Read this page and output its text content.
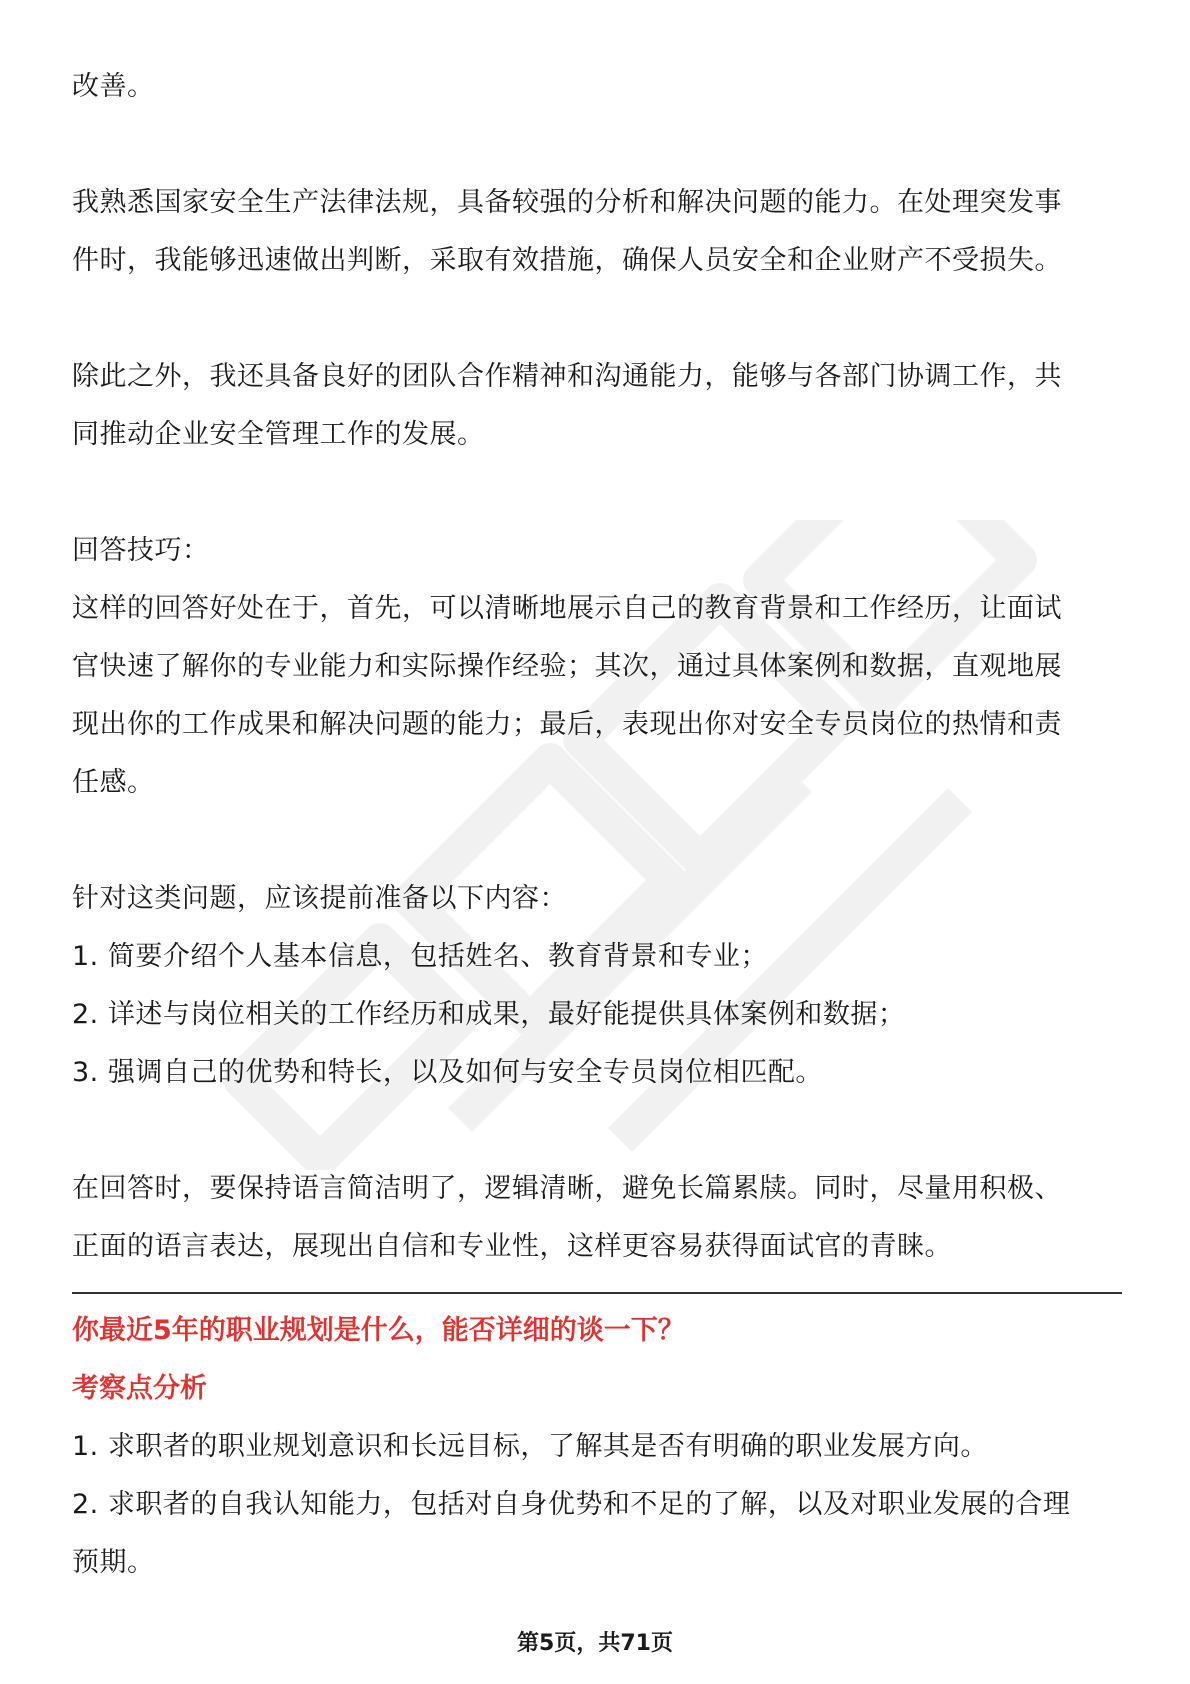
改善。

我熟悉国家安全生产法律法规，具备较强的分析和解决问题的能力。在处理突发事

件时，我能够迅速做出判断，采取有效措施，确保人员安全和企业财产不受损失。

除此之外，我还具备良好的团队合作精神和沟通能力，能够与各部门协调工作，共

同推动企业安全管理工作的发展。

回答技巧：

这样的回答好处在于，首先，可以清晰地展示自己的教育背景和工作经历，让面试

官快速了解你的专业能力和实际操作经验；其次，通过具体案例和数据，直观地展

现出你的工作成果和解决问题的能力；最后，表现出你对安全专员岗位的热情和责

任感。

针对这类问题，应该提前准备以下内容：

1. 简要介绍个人基本信息，包括姓名、教育背景和专业；

2. 详述与岗位相关的工作经历和成果，最好能提供具体案例和数据；

3. 强调自己的优势和特长，以及如何与安全专员岗位相匹配。

在回答时，要保持语言简洁明了，逻辑清晰，避免长篇累牍。同时，尽量用积极、

正面的语言表达，展现出自信和专业性，这样更容易获得面试官的青睐。

你最近5年的职业规划是什么，能否详细的谈一下？

考察点分析

1. 求职者的职业规划意识和长远目标，了解其是否有明确的职业发展方向。

2. 求职者的自我认知能力，包括对自身优势和不足的了解，以及对职业发展的合理

预期。

第5页，共71页
